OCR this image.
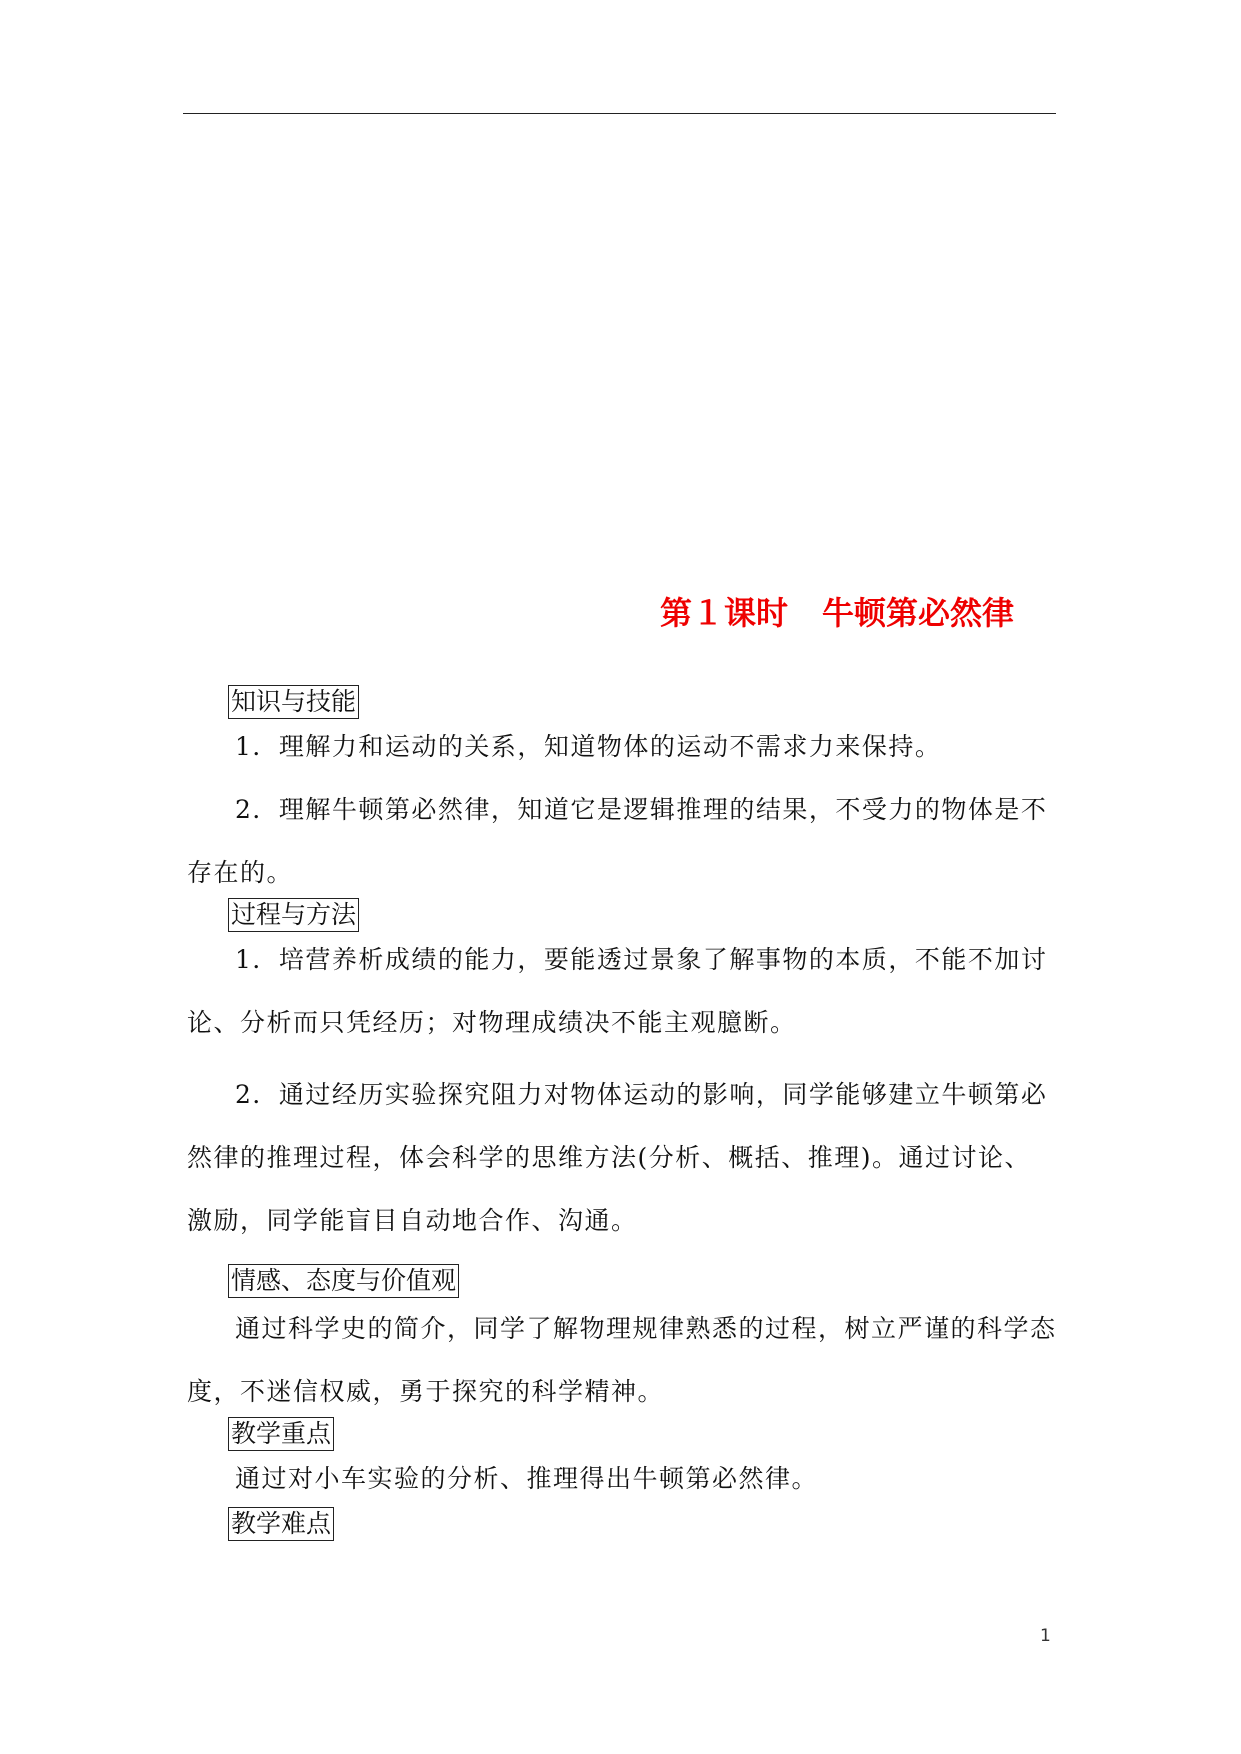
第１课时 牛顿第必然律
知识与技能
1．理解力和运动的关系，知道物体的运动不需求力来保持。
2．理解牛顿第必然律，知道它是逻辑推理的结果，不受力的物体是不存在的。
过程与方法
1．培营养析成绩的能力，要能透过景象了解事物的本质，不能不加讨论、分析而只凭经历；对物理成绩决不能主观臆断。
2．通过经历实验探究阻力对物体运动的影响，同学能够建立牛顿第必然律的推理过程，体会科学的思维方法(分析、概括、推理)。通过讨论、激励，同学能盲目自动地合作、沟通。
情感、态度与价值观
通过科学史的简介，同学了解物理规律熟悉的过程，树立严谨的科学态度，不迷信权威，勇于探究的科学精神。
教学重点
通过对小车实验的分析、推理得出牛顿第必然律。
教学难点
1
